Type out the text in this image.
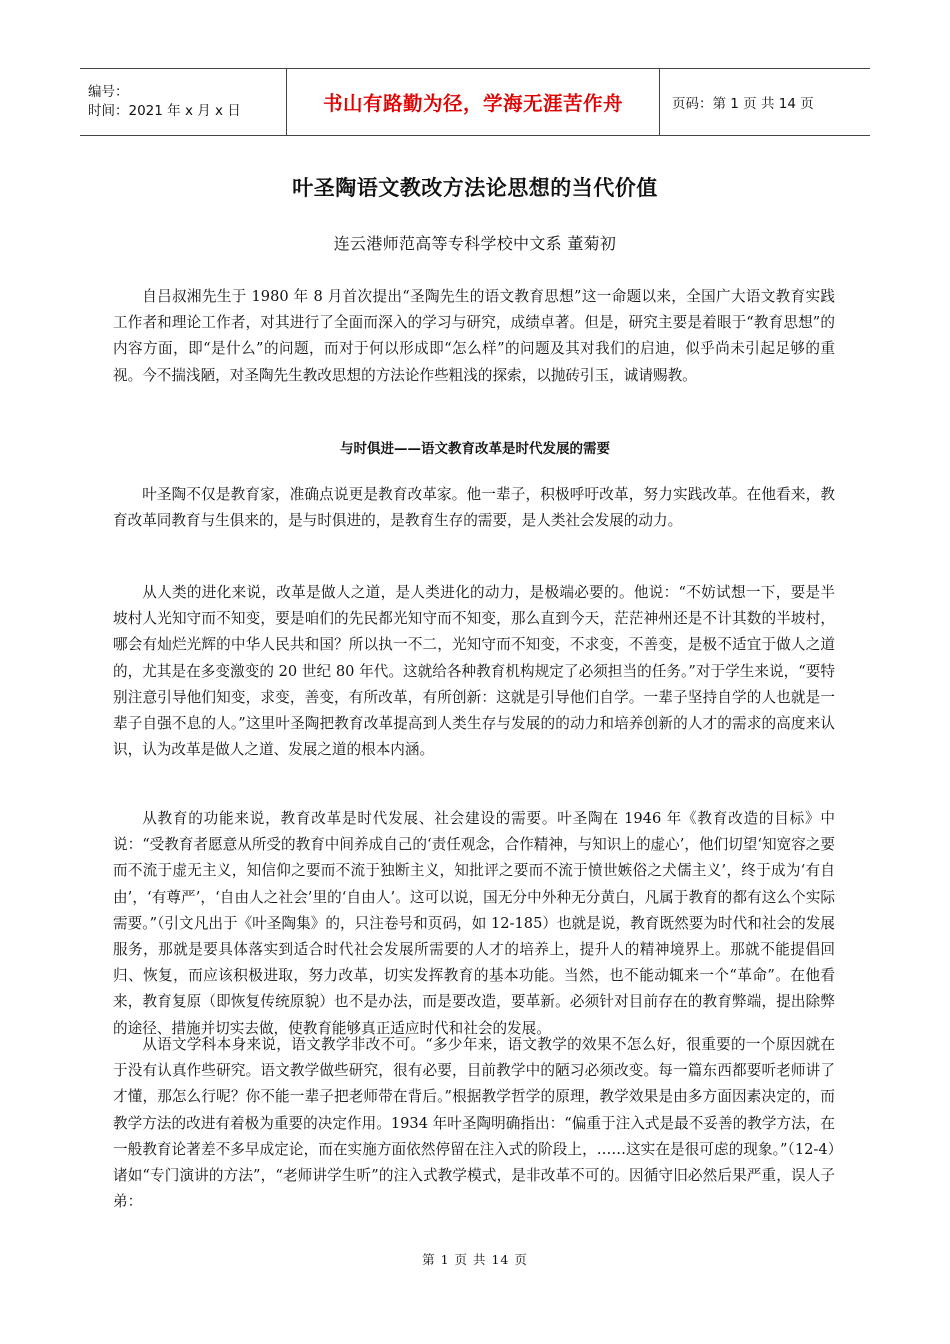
编号：
时间：2021 年 x 月 x 日	书山有路勤为径，学海无涯苦作舟	页码：第 1 页 共 14 页
叶圣陶语文教改方法论思想的当代价值
连云港师范高等专科学校中文系 董菊初

自吕叔湘先生于 1980 年 8 月首次提出“圣陶先生的语文教育思想”这一命题以来，全国广大语文教育实践工作者和理论工作者，对其进行了全面而深入的学习与研究，成绩卓著。但是，研究主要是着眼于“教育思想”的内容方面，即“是什么”的问题，而对于何以形成即“怎么样”的问题及其对我们的启迪，似乎尚未引起足够的重视。今不揣浅陋，对圣陶先生教改思想的方法论作些粗浅的探索，以抛砖引玉，诚请赐教。

与时俱进——语文教育改革是时代发展的需要

叶圣陶不仅是教育家，准确点说更是教育改革家。他一辈子，积极呼吁改革，努力实践改革。在他看来，教育改革同教育与生俱来的，是与时俱进的，是教育生存的需要，是人类社会发展的动力。

从人类的进化来说，改革是做人之道，是人类进化的动力，是极端必要的。他说：“不妨试想一下，要是半坡村人光知守而不知变，要是咱们的先民都光知守而不知变，那么直到今天，茫茫神州还是不计其数的半坡村，哪会有灿烂光辉的中华人民共和国？所以执一不二，光知守而不知变，不求变，不善变，是极不适宜于做人之道的，尤其是在多变激变的 20 世纪 80 年代。这就给各种教育机构规定了必须担当的任务。”对于学生来说，“要特别注意引导他们知变，求变，善变，有所改革，有所创新：这就是引导他们自学。一辈子坚持自学的人也就是一辈子自强不息的人。”这里叶圣陶把教育改革提高到人类生存与发展的的动力和培养创新的人才的需求的高度来认识，认为改革是做人之道、发展之道的根本内涵。

从教育的功能来说，教育改革是时代发展、社会建设的需要。叶圣陶在 1946 年《教育改造的目标》中说：“受教育者愿意从所受的教育中间养成自己的‘责任观念，合作精神，与知识上的虚心’，他们切望‘知宽容之要而不流于虚无主义，知信仰之要而不流于独断主义，知批评之要而不流于愤世嫉俗之犬儒主义’，终于成为‘有自由’，‘有尊严’，‘自由人之社会’里的‘自由人’。这可以说，国无分中外种无分黄白，凡属于教育的都有这么个实际需要。”（引文凡出于《叶圣陶集》的，只注卷号和页码，如 12-185）也就是说，教育既然要为时代和社会的发展服务，那就是要具体落实到适合时代社会发展所需要的人才的培养上，提升人的精神境界上。那就不能提倡回归、恢复，而应该积极进取，努力改革，切实发挥教育的基本功能。当然，也不能动辄来一个“革命”。在他看来，教育复原（即恢复传统原貌）也不是办法，而是要改造，要革新。必须针对目前存在的教育弊端，提出除弊的途径、措施并切实去做，使教育能够真正适应时代和社会的发展。

从语文学科本身来说，语文教学非改不可。“多少年来，语文教学的效果不怎么好，很重要的一个原因就在于没有认真作些研究。语文教学做些研究，很有必要，目前教学中的陋习必须改变。每一篇东西都要听老师讲了才懂，那怎么行呢？你不能一辈子把老师带在背后。”根据教学哲学的原理，教学效果是由多方面因素决定的，而教学方法的改进有着极为重要的决定作用。1934 年叶圣陶明确指出：“偏重于注入式是最不妥善的教学方法，在一般教育论著差不多早成定论，而在实施方面依然停留在注入式的阶段上，……这实在是很可虑的现象。”（12-4）诸如“专门演讲的方法”，“老师讲学生听”的注入式教学模式，是非改革不可的。因循守旧必然后果严重，误人子弟：

第 1 页 共 14 页
